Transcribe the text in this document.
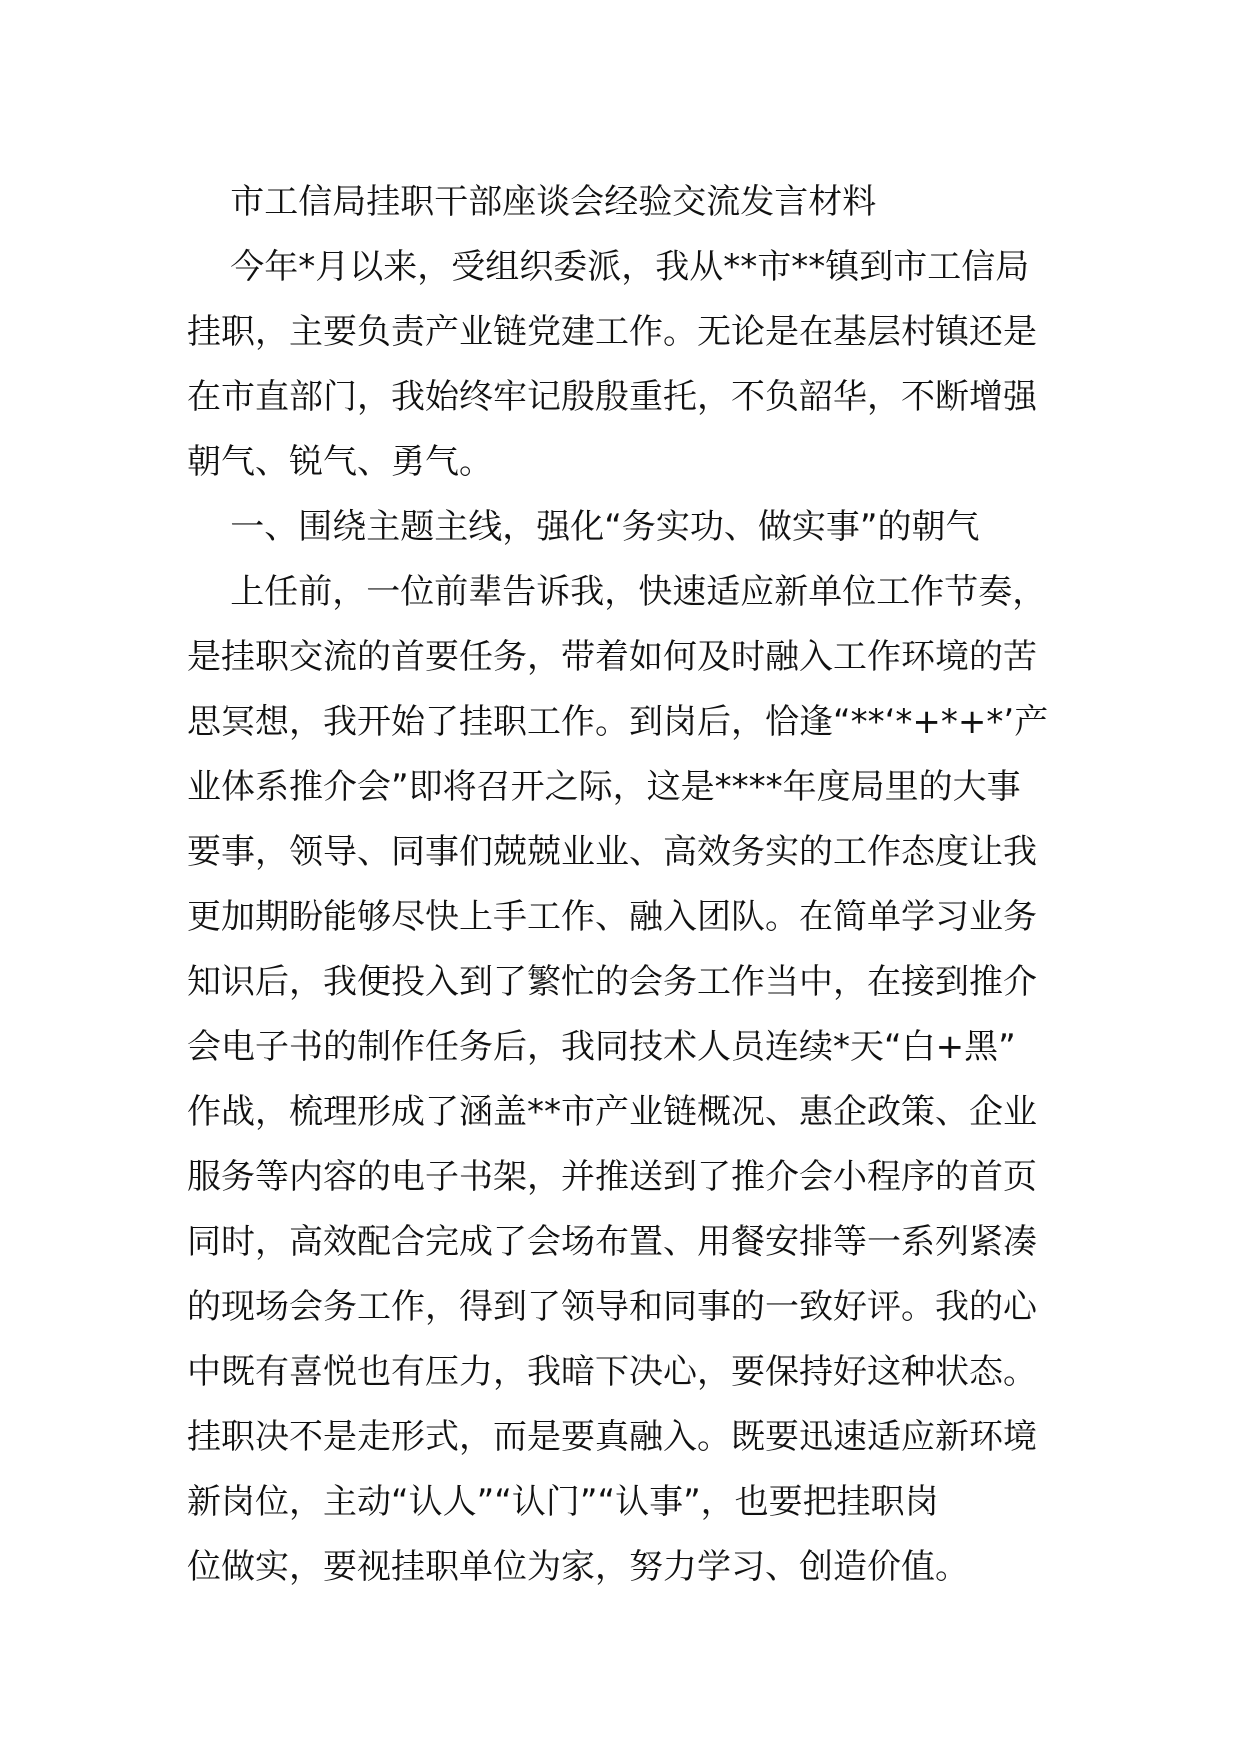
市工信局挂职干部座谈会经验交流发言材料
今年*月以来，受组织委派，我从**市**镇到市工信局
挂职，主要负责产业链党建工作。无论是在基层村镇还是
在市直部门，我始终牢记殷殷重托，不负韶华，不断增强
朝气、锐气、勇气。
一、围绕主题主线，强化“务实功、做实事”的朝气
上任前，一位前辈告诉我，快速适应新单位工作节奏，
是挂职交流的首要任务，带着如何及时融入工作环境的苦
思冥想，我开始了挂职工作。到岗后，恰逢“**‘*+*+*’产
业体系推介会”即将召开之际，这是****年度局里的大事
要事，领导、同事们兢兢业业、高效务实的工作态度让我
更加期盼能够尽快上手工作、融入团队。在简单学习业务
知识后，我便投入到了繁忙的会务工作当中，在接到推介
会电子书的制作任务后，我同技术人员连续*天“白+黑”
作战，梳理形成了涵盖**市产业链概况、惠企政策、企业
服务等内容的电子书架，并推送到了推介会小程序的首页
同时，高效配合完成了会场布置、用餐安排等一系列紧凑
的现场会务工作，得到了领导和同事的一致好评。我的心
中既有喜悦也有压力，我暗下决心，要保持好这种状态。
挂职决不是走形式，而是要真融入。既要迅速适应新环境
新岗位，主动“认人”“认门”“认事”，也要把挂职岗
位做实，要视挂职单位为家，努力学习、创造价值。
